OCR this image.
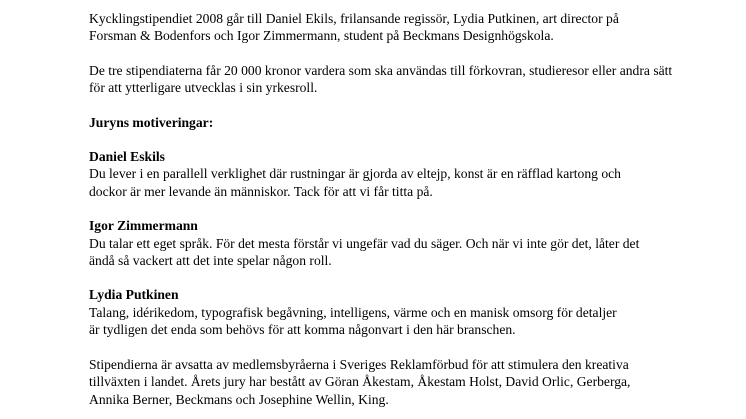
Kycklingstipendiet 2008 går till Daniel Ekils, frilansande regissör, Lydia Putkinen, art director på Forsman & Bodenfors och Igor Zimmermann, student på Beckmans Designhögskola.

De tre stipendiaterna får 20 000 kronor vardera som ska användas till förkovran, studieresor eller andra sätt för att ytterligare utvecklas i sin yrkesroll.

Juryns motiveringar:

Daniel Eskils

Du lever i en parallell verklighet där rustningar är gjorda av eltejp, konst är en räfflad kartong och dockor är mer levande än människor. Tack för att vi får titta på.

Igor Zimmermann

Du talar ett eget språk. För det mesta förstår vi ungefär vad du säger. Och när vi inte gör det, låter det ändå så vackert att det inte spelar någon roll.

Lydia Putkinen

Talang, idérikedom, typografisk begåvning, intelligens, värme och en manisk omsorg för detaljer är tydligen det enda som behövs för att komma någonvart i den här branschen.

Stipendierna är avsatta av medlemsbyråerna i Sveriges Reklamförbud för att stimulera den kreativa tillväxten i landet. Årets jury har bestått av Göran Åkestam, Åkestam Holst, David Orlic, Gerberga, Annika Berner, Beckmans och Josephine Wellin, King.
